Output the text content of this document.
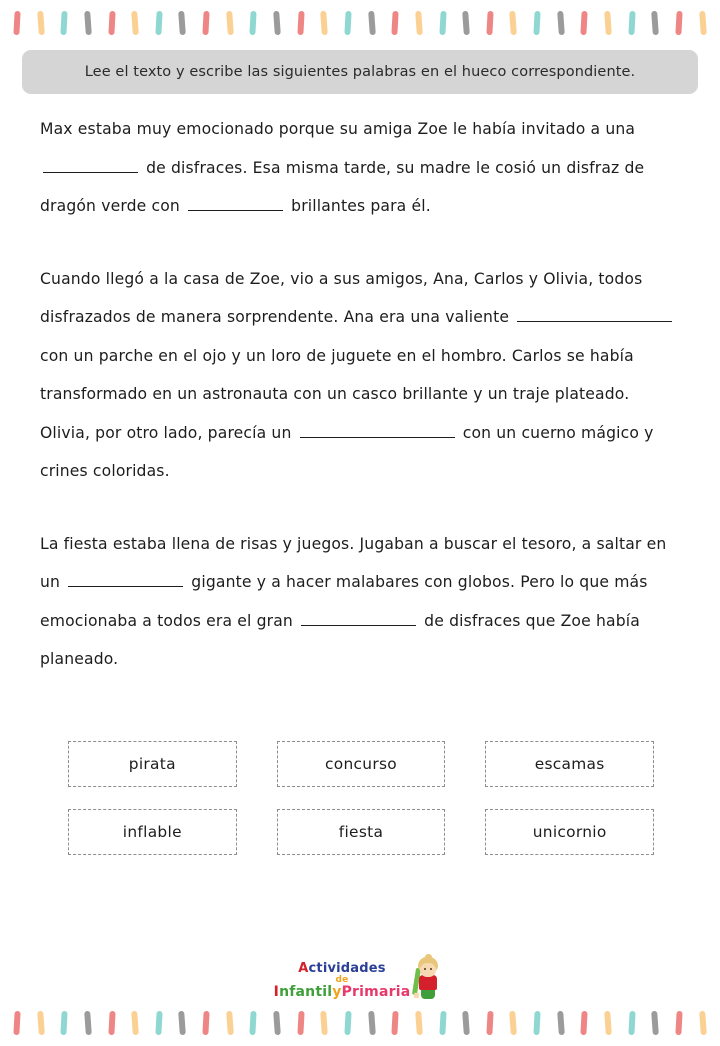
Lee el texto y escribe las siguientes palabras en el hueco correspondiente.

Max estaba muy emocionado porque su amiga Zoe le había invitado a una  de disfraces. Esa misma tarde, su madre le cosió un disfraz de dragón verde con	brillantes para él.

Cuando llegó a la casa de Zoe, vio a sus amigos, Ana, Carlos y Olivia, todos disfrazados de manera sorprendente. Ana era una valiente  con un parche en el ojo y un loro de juguete en el hombro. Carlos se había transformado en un astronauta con un casco brillante y un traje plateado. Olivia, por otro lado, parecía un	con un cuerno mágico y crines coloridas.

La fiesta estaba llena de risas y juegos. Jugaban a buscar el tesoro, a saltar en un	gigante y a hacer malabares con globos. Pero lo que más emocionaba a todos era el gran	de disfraces que Zoe había planeado.

pirata	concurso	escamas
inflable	fiesta	unicornio
Actividades
de
InfantilyPrimaria
